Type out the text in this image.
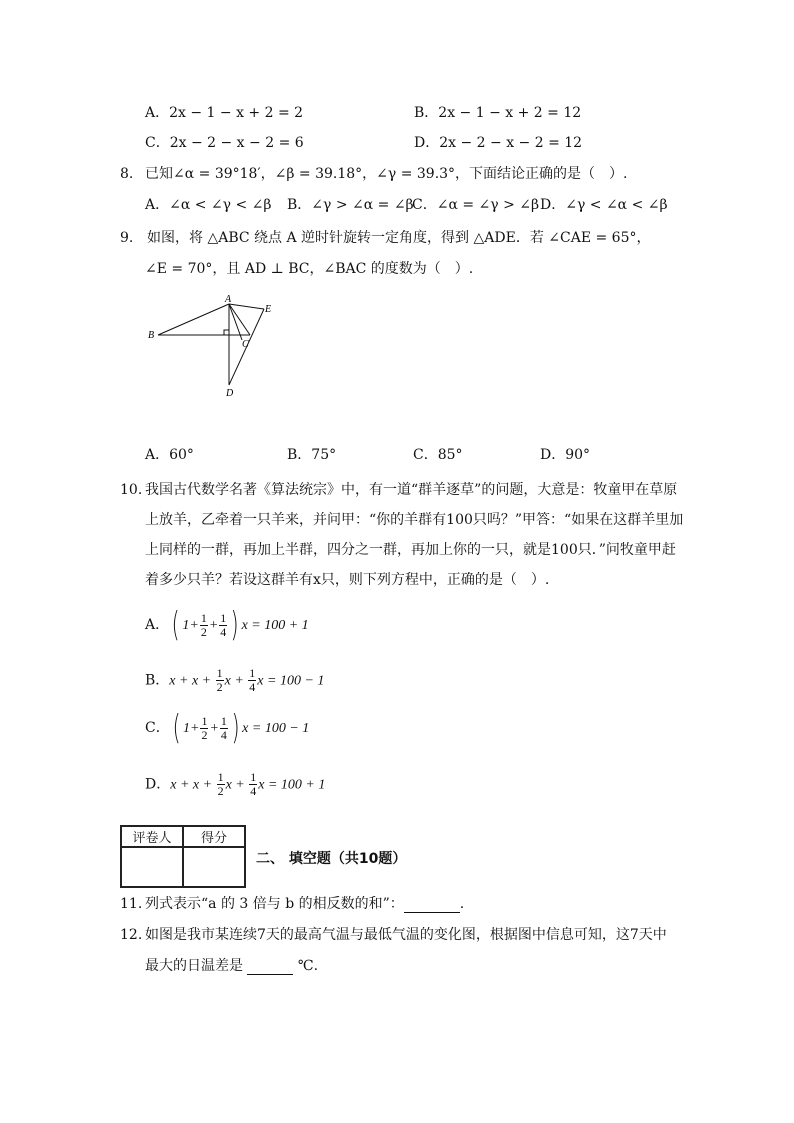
A．2x − 1 − x + 2 = 2	B．2x − 1 − x + 2 = 12
C．2x − 2 − x − 2 = 6	D．2x − 2 − x − 2 = 12
8. 已知∠α = 39°18′，∠β = 39.18°，∠γ = 39.3°，下面结论正确的是（　）.
A．∠α < ∠γ < ∠β B．∠γ > ∠α = ∠β
C．∠α = ∠γ > ∠β D．∠γ < ∠α < ∠β
9. 如图，将 △ABC 绕点 A 逆时针旋转一定角度，得到 △ADE．若 ∠CAE = 65°，
∠E = 70°，且 AD ⊥ BC，∠BAC 的度数为（　）.
A
B
C
D
E
A．60°	B．75°	C．85°	D．90°
10. 我国古代数学名著《算法统宗》中，有一道“群羊逐草”的问题，大意是：牧童甲在草原
上放羊，乙牵着一只羊来，并问甲：“你的羊群有100只吗？”甲答：“如果在这群羊里加
上同样的一群，再加上半群，四分之一群，再加上你的一只，就是100只．”问牧童甲赶
着多少只羊？若设这群羊有x只，则下列方程中，正确的是（　）.
A．( $1+ \frac{1}{2} + \frac{1}{4}$ ) x = 100 + 1
B．$x + x + \frac{1}{2}$ $x + \frac{1}{4}$ x = 100 − 1
C．( $1+ \frac{1}{2} + \frac{1}{4}$ ) x = 100 − 1
D．$x + x + \frac{1}{2}$ $x + \frac{1}{4}$ x = 100 + 1
评卷人	得分

二、 填空题（共10题）
11. 列式表示“a 的 3 倍与 b 的相反数的和”：	.
12. 如图是我市某连续7天的最高气温与最低气温的变化图，根据图中信息可知，这7天中
最大的日温差是	℃.
